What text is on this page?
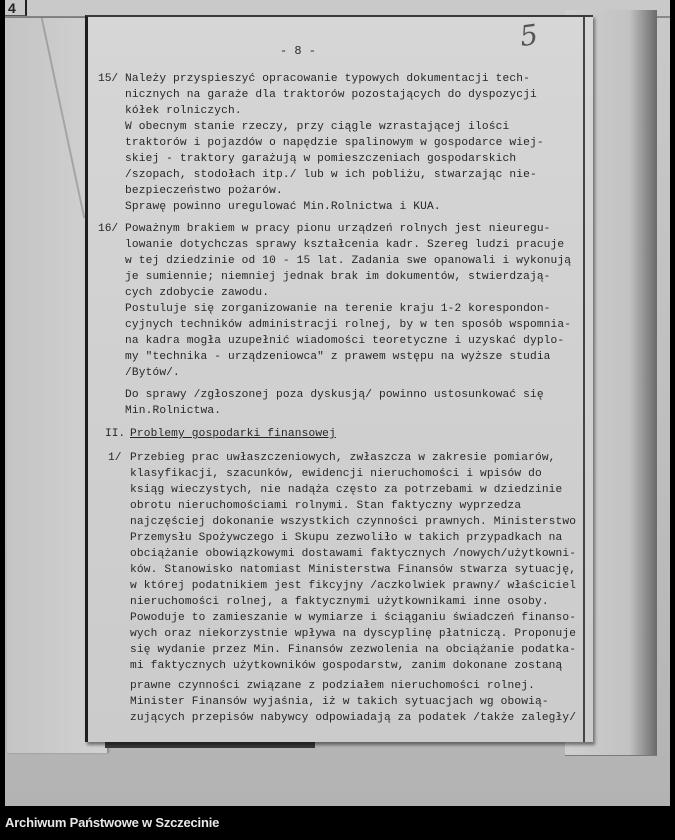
4
5
- 8 -
15/ Należy przyspieszyć opracowanie typowych dokumentacji tech-
nicznych na garaże dla traktorów pozostających do dyspozycji
kółek rolniczych.
W obecnym stanie rzeczy, przy ciągle wzrastającej ilości
traktorów i pojazdów o napędzie spalinowym w gospodarce wiej-
skiej - traktory garażują w pomieszczeniach gospodarskich
/szopach, stodołach itp./ lub w ich pobliżu, stwarzając nie-
bezpieczeństwo pożarów.
Sprawę powinno uregulować Min.Rolnictwa i KUA.
16/ Poważnym brakiem w pracy pionu urządzeń rolnych jest nieuregu-
lowanie dotychczas sprawy kształcenia kadr. Szereg ludzi pracuje
w tej dziedzinie od 10 - 15 lat. Zadania swe opanowali i wykonują
je sumiennie; niemniej jednak brak im dokumentów, stwierdzają-
cych zdobycie zawodu.
Postuluje się zorganizowanie na terenie kraju 1-2 korespondon-
cyjnych techników administracji rolnej, by w ten sposób wspomnia-
na kadra mogła uzupełnić wiadomości teoretyczne i uzyskać dyplo-
my "technika - urządzeniowca" z prawem wstępu na wyższe studia
/Bytów/.
Do sprawy /zgłoszonej poza dyskusją/ powinno ustosunkować się
Min.Rolnictwa.
II. Problemy gospodarki finansowej
1/ Przebieg prac uwłaszczeniowych, zwłaszcza w zakresie pomiarów,
klasyfikacji, szacunków, ewidencji nieruchomości i wpisów do
ksiąg wieczystych, nie nadąża często za potrzebami w dziedzinie
obrotu nieruchomościami rolnymi. Stan faktyczny wyprzedza
najczęściej dokonanie wszystkich czynności prawnych. Ministerstwo
Przemysłu Spożywczego i Skupu zezwoliło w takich przypadkach na
obciążanie obowiązkowymi dostawami faktycznych /nowych/użytkowni-
ków. Stanowisko natomiast Ministerstwa Finansów stwarza sytuację,
w której podatnikiem jest fikcyjny /aczkolwiek prawny/ właściciel
nieruchomości rolnej, a faktycznymi użytkownikami inne osoby.
Powoduje to zamieszanie w wymiarze i ściąganiu świadczeń finanso-
wych oraz niekorzystnie wpływa na dyscyplinę płatniczą. Proponuje
się wydanie przez Min. Finansów zezwolenia na obciążanie podatka-
mi faktycznych użytkowników gospodarstw, zanim dokonane zostaną
prawne czynności związane z podziałem nieruchomości rolnej.
Minister Finansów wyjaśnia, iż w takich sytuacjach wg obowią-
zujących przepisów nabywcy odpowiadają za podatek /także zaległy/
Archiwum Państwowe w Szczecinie
